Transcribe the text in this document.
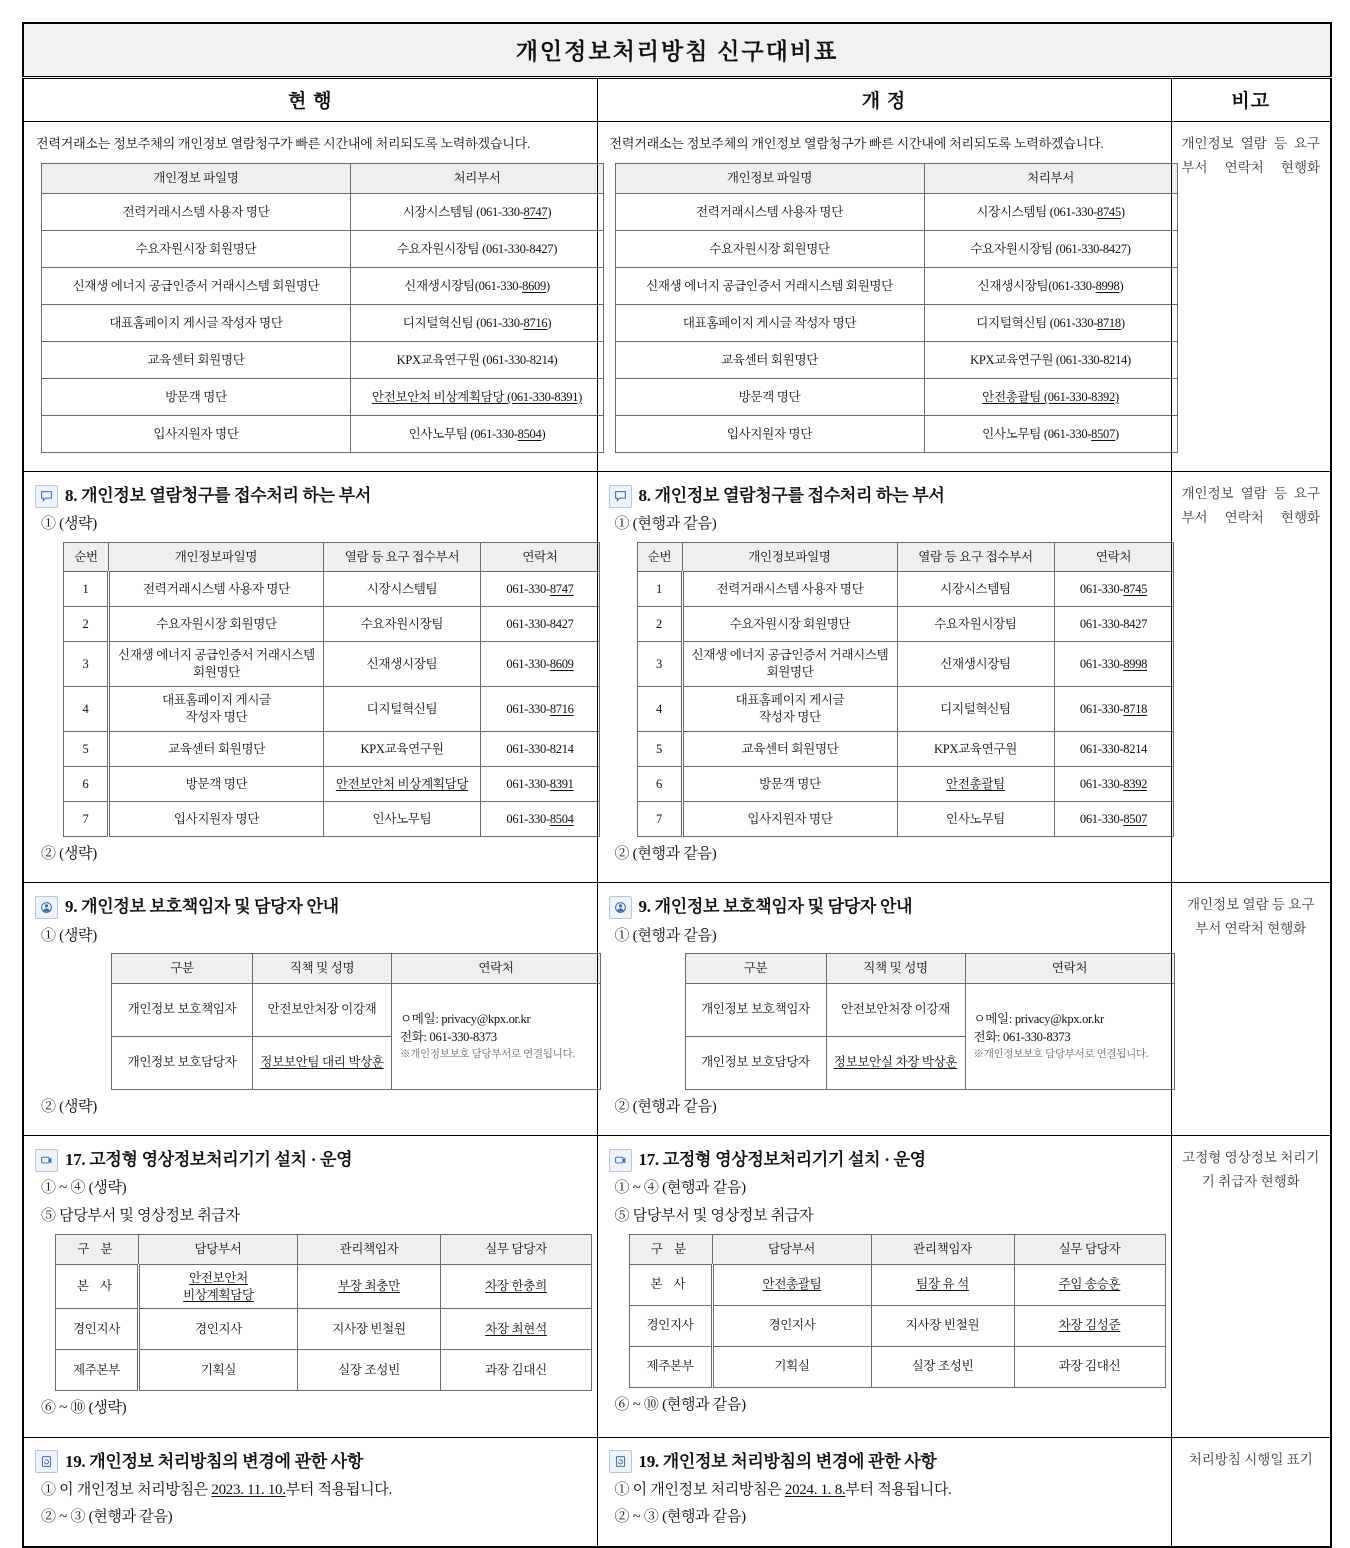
개인정보처리방침 신구대비표

현 행	개 정	비고

전력거래소는 정보주체의 개인정보 열람청구가 빠른 시간내에 처리되도록 노력하겠습니다.
개인정보 파일명	처리부서
전력거래시스템 사용자 명단	시장시스템팀 (061-330-8747)
수요자원시장 회원명단	수요자원시장팀 (061-330-8427)
신재생 에너지 공급인증서 거래시스템 회원명단	신재생시장팀(061-330-8609)
대표홈페이지 게시글 작성자 명단	디지털혁신팀 (061-330-8716)
교육센터 회원명단	KPX교육연구원 (061-330-8214)
방문객 명단	안전보안처 비상계획담당 (061-330-8391)
입사지원자 명단	인사노무팀 (061-330-8504)

전력거래소는 정보주체의 개인정보 열람청구가 빠른 시간내에 처리되도록 노력하겠습니다.
개인정보 파일명	처리부서
전력거래시스템 사용자 명단	시장시스템팀 (061-330-8745)
수요자원시장 회원명단	수요자원시장팀 (061-330-8427)
신재생 에너지 공급인증서 거래시스템 회원명단	신재생시장팀(061-330-8998)
대표홈페이지 게시글 작성자 명단	디지털혁신팀 (061-330-8718)
교육센터 회원명단	KPX교육연구원 (061-330-8214)
방문객 명단	안전총괄팀 (061-330-8392)
입사지원자 명단	인사노무팀 (061-330-8507)
	개인정보 열람 등 요구부서 연락처 현행화

8. 개인정보 열람청구를 접수처리 하는 부서
① (생략)
순번	개인정보파일명	열람 등 요구 접수부서	연락처
1	전력거래시스템 사용자 명단	시장시스템팀	061-330-8747
2	수요자원시장 회원명단	수요자원시장팀	061-330-8427
3	신재생 에너지 공급인증서 거래시스템
회원명단	신재생시장팀	061-330-8609
4	대표홈페이지 게시글
작성자 명단	디지털혁신팀	061-330-8716
5	교육센터 회원명단	KPX교육연구원	061-330-8214
6	방문객 명단	안전보안처 비상계획담당	061-330-8391
7	입사지원자 명단	인사노무팀	061-330-8504
② (생략)

8. 개인정보 열람청구를 접수처리 하는 부서
① (현행과 같음)
순번	개인정보파일명	열람 등 요구 접수부서	연락처
1	전력거래시스템 사용자 명단	시장시스템팀	061-330-8745
2	수요자원시장 회원명단	수요자원시장팀	061-330-8427
3	신재생 에너지 공급인증서 거래시스템
회원명단	신재생시장팀	061-330-8998
4	대표홈페이지 게시글
작성자 명단	디지털혁신팀	061-330-8718
5	교육센터 회원명단	KPX교육연구원	061-330-8214
6	방문객 명단	안전총괄팀	061-330-8392
7	입사지원자 명단	인사노무팀	061-330-8507
② (현행과 같음)
	개인정보 열람 등 요구부서 연락처 현행화

9. 개인정보 보호책임자 및 담당자 안내
① (생략)
구분	직책 및 성명	연락처
개인정보 보호책임자	안전보안처장 이강재	
ㅇ메일: privacy@kpx.or.kr
전화: 061-330-8373
※개인정보보호 담당부서로 연결됩니다.

개인정보 보호담당자	정보보안팀 대리 박상훈
② (생략)

9. 개인정보 보호책임자 및 담당자 안내
① (현행과 같음)
구분	직책 및 성명	연락처
개인정보 보호책임자	안전보안처장 이강재	
ㅇ메일: privacy@kpx.or.kr
전화: 061-330-8373
※개인정보보호 담당부서로 연결됩니다.

개인정보 보호담당자	정보보안실 차장 박상훈
② (현행과 같음)
	개인정보 열람 등 요구부서 연락처 현행화

17. 고정형 영상정보처리기기 설치 · 운영
① ~ ④ (생략)
⑤ 담당부서 및 영상정보 취급자
구 분	담당부서	관리책임자	실무 담당자
본 사	안전보안처
비상계획담당	부장 최충만	차장 한충희
경인지사	경인지사	지사장 빈철원	차장 최현석
제주본부	기획실	실장 조성빈	과장 김대신
⑥ ~ ⑩ (생략)

17. 고정형 영상정보처리기기 설치 · 운영
① ~ ④ (현행과 같음)
⑤ 담당부서 및 영상정보 취급자
구 분	담당부서	관리책임자	실무 담당자
본 사	안전총괄팀	팀장 유 석	주임 송승훈
경인지사	경인지사	지사장 빈철원	차장 김성준
제주본부	기획실	실장 조성빈	과장 김대신
⑥ ~ ⑩ (현행과 같음)
	고정형 영상정보 처리기기 취급자 현행화

19. 개인정보 처리방침의 변경에 관한 사항
① 이 개인정보 처리방침은 2023. 11. 10.부터 적용됩니다.
② ~ ③ (현행과 같음)

19. 개인정보 처리방침의 변경에 관한 사항
① 이 개인정보 처리방침은 2024. 1. 8.부터 적용됩니다.
② ~ ③ (현행과 같음)
	처리방침 시행일 표기
